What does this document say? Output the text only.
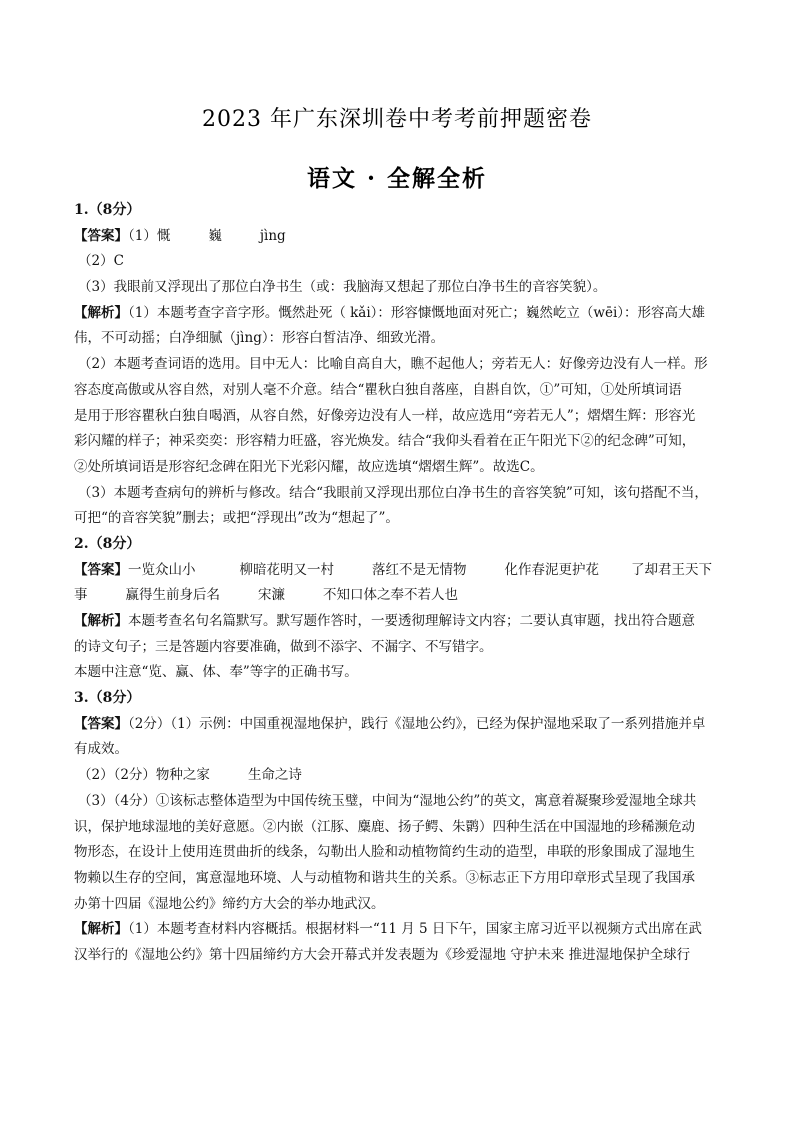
2023 年广东深圳卷中考考前押题密卷
语文 · 全解全析
1.（8分）
【答案】（1）慨	巍	jìng
（2）C
（3）我眼前又浮现出了那位白净书生（或：我脑海又想起了那位白净书生的音容笑貌）。
【解析】（1）本题考查字音字形。慨然赴死（ kǎi）：形容慷慨地面对死亡；巍然屹立（wēi）：形容高大雄
伟，不可动摇；白净细腻（jìng）：形容白皙洁净、细致光滑。
（2）本题考查词语的选用。目中无人：比喻自高自大，瞧不起他人；旁若无人：好像旁边没有人一样。形
容态度高傲或从容自然，对别人毫不介意。结合“瞿秋白独自落座，自斟自饮，①”可知，①处所填词语
是用于形容瞿秋白独自喝酒，从容自然，好像旁边没有人一样，故应选用“旁若无人”；熠熠生辉：形容光
彩闪耀的样子；神采奕奕：形容精力旺盛，容光焕发。结合“我仰头看着在正午阳光下②的纪念碑”可知，
②处所填词语是形容纪念碑在阳光下光彩闪耀，故应选填“熠熠生辉”。故选C。
（3）本题考查病句的辨析与修改。结合“我眼前又浮现出那位白净书生的音容笑貌”可知，该句搭配不当，
可把“的音容笑貌”删去；或把“浮现出”改为“想起了”。
2.（8分）
【答案】一览众山小	柳暗花明又一村	落红不是无情物	化作春泥更护花 了却君王天下
事	赢得生前身后名	宋濂	不知口体之奉不若人也
【解析】本题考查名句名篇默写。默写题作答时，一要透彻理解诗文内容；二要认真审题，找出符合题意
的诗文句子；三是答题内容要准确，做到不添字、不漏字、不写错字。
本题中注意“览、赢、体、奉”等字的正确书写。
3.（8分）
【答案】（2分）（1）示例：中国重视湿地保护，践行《湿地公约》，已经为保护湿地采取了一系列措施并卓
有成效。
（2）（2分）物种之家	生命之诗
（3）（4分）①该标志整体造型为中国传统玉璧，中间为“湿地公约”的英文，寓意着凝聚珍爱湿地全球共
识，保护地球湿地的美好意愿。②内嵌（江豚、麋鹿、扬子鳄、朱鹮）四种生活在中国湿地的珍稀濒危动
物形态，在设计上使用连贯曲折的线条，勾勒出人脸和动植物简约生动的造型，串联的形象围成了湿地生
物赖以生存的空间，寓意湿地环境、人与动植物和谐共生的关系。③标志正下方用印章形式呈现了我国承
办第十四届《湿地公约》缔约方大会的举办地武汉。
【解析】（1）本题考查材料内容概括。根据材料一“11 月 5 日下午，国家主席习近平以视频方式出席在武
汉举行的《湿地公约》第十四届缔约方大会开幕式并发表题为《珍爱湿地 守护未来 推进湿地保护全球行
